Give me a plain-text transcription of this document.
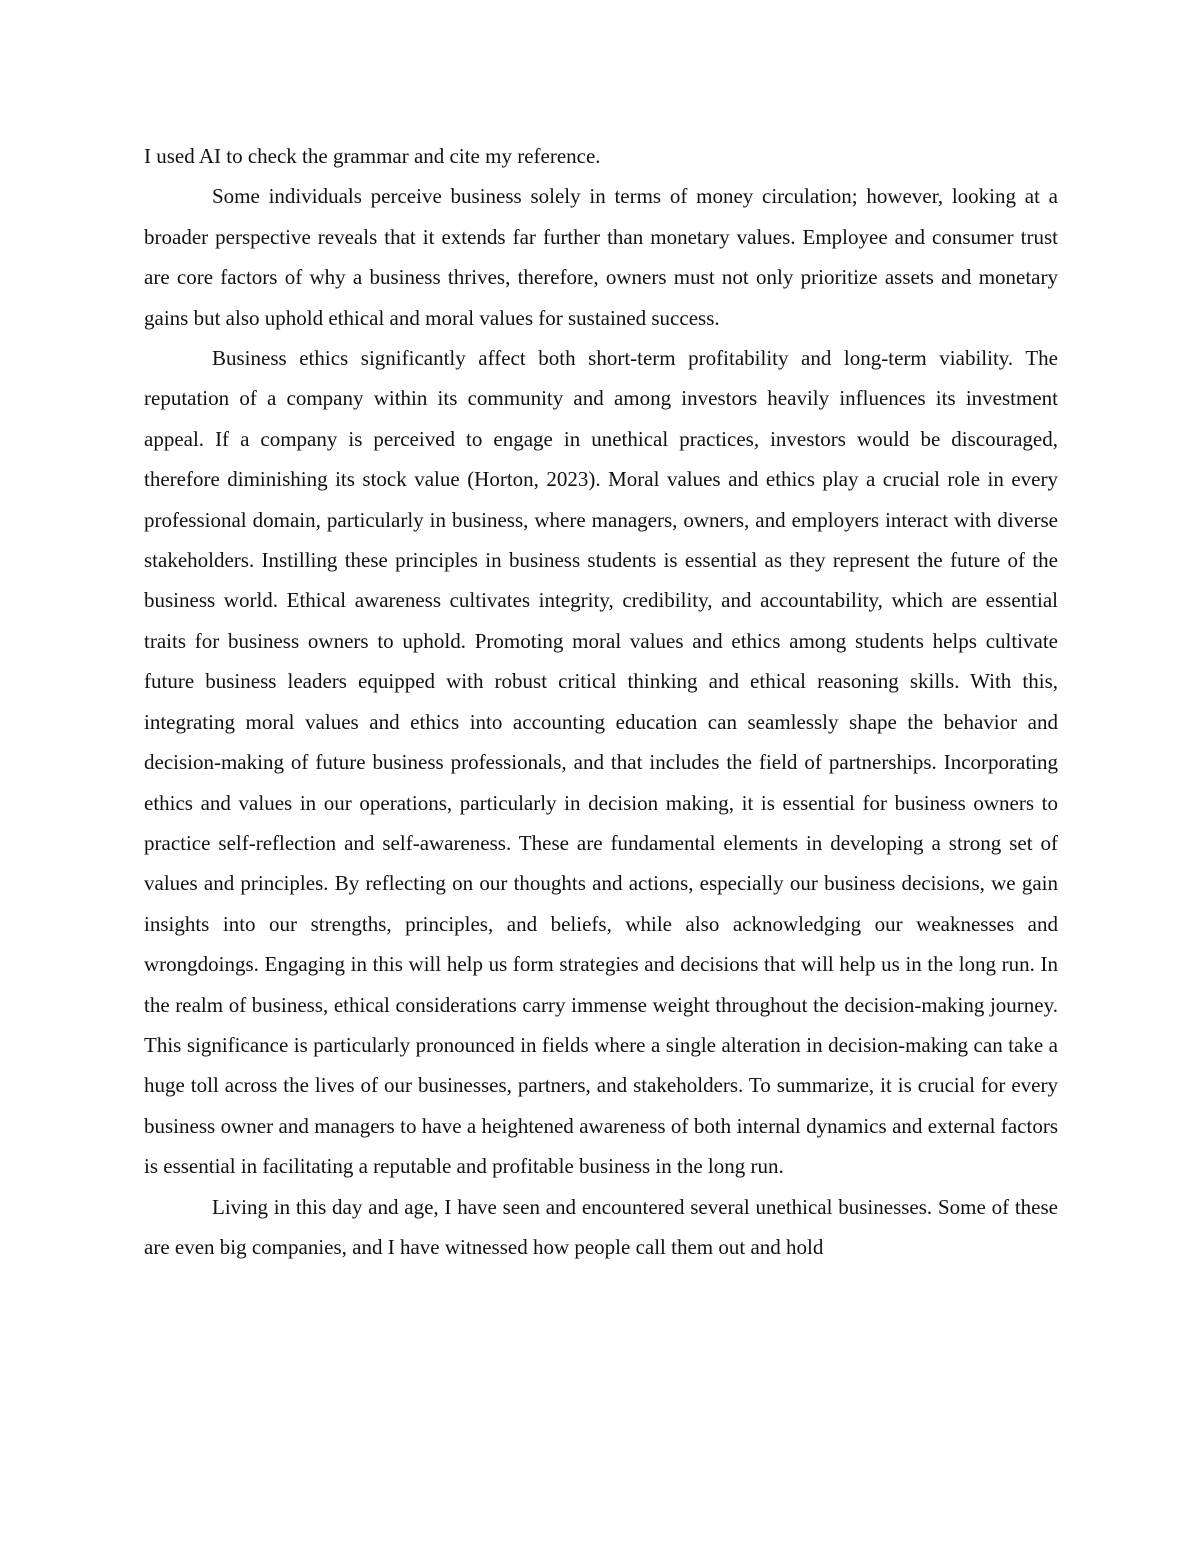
I used AI to check the grammar and cite my reference.

Some individuals perceive business solely in terms of money circulation; however, looking at a broader perspective reveals that it extends far further than monetary values. Employee and consumer trust are core factors of why a business thrives, therefore, owners must not only prioritize assets and monetary gains but also uphold ethical and moral values for sustained success.

Business ethics significantly affect both short-term profitability and long-term viability. The reputation of a company within its community and among investors heavily influences its investment appeal. If a company is perceived to engage in unethical practices, investors would be discouraged, therefore diminishing its stock value (Horton, 2023). Moral values and ethics play a crucial role in every professional domain, particularly in business, where managers, owners, and employers interact with diverse stakeholders. Instilling these principles in business students is essential as they represent the future of the business world. Ethical awareness cultivates integrity, credibility, and accountability, which are essential traits for business owners to uphold. Promoting moral values and ethics among students helps cultivate future business leaders equipped with robust critical thinking and ethical reasoning skills. With this, integrating moral values and ethics into accounting education can seamlessly shape the behavior and decision-making of future business professionals, and that includes the field of partnerships. Incorporating ethics and values in our operations, particularly in decision making, it is essential for business owners to practice self-reflection and self-awareness. These are fundamental elements in developing a strong set of values and principles. By reflecting on our thoughts and actions, especially our business decisions, we gain insights into our strengths, principles, and beliefs, while also acknowledging our weaknesses and wrongdoings. Engaging in this will help us form strategies and decisions that will help us in the long run. In the realm of business, ethical considerations carry immense weight throughout the decision-making journey. This significance is particularly pronounced in fields where a single alteration in decision-making can take a huge toll across the lives of our businesses, partners, and stakeholders. To summarize, it is crucial for every business owner and managers to have a heightened awareness of both internal dynamics and external factors is essential in facilitating a reputable and profitable business in the long run.

Living in this day and age, I have seen and encountered several unethical businesses. Some of these are even big companies, and I have witnessed how people call them out and hold
